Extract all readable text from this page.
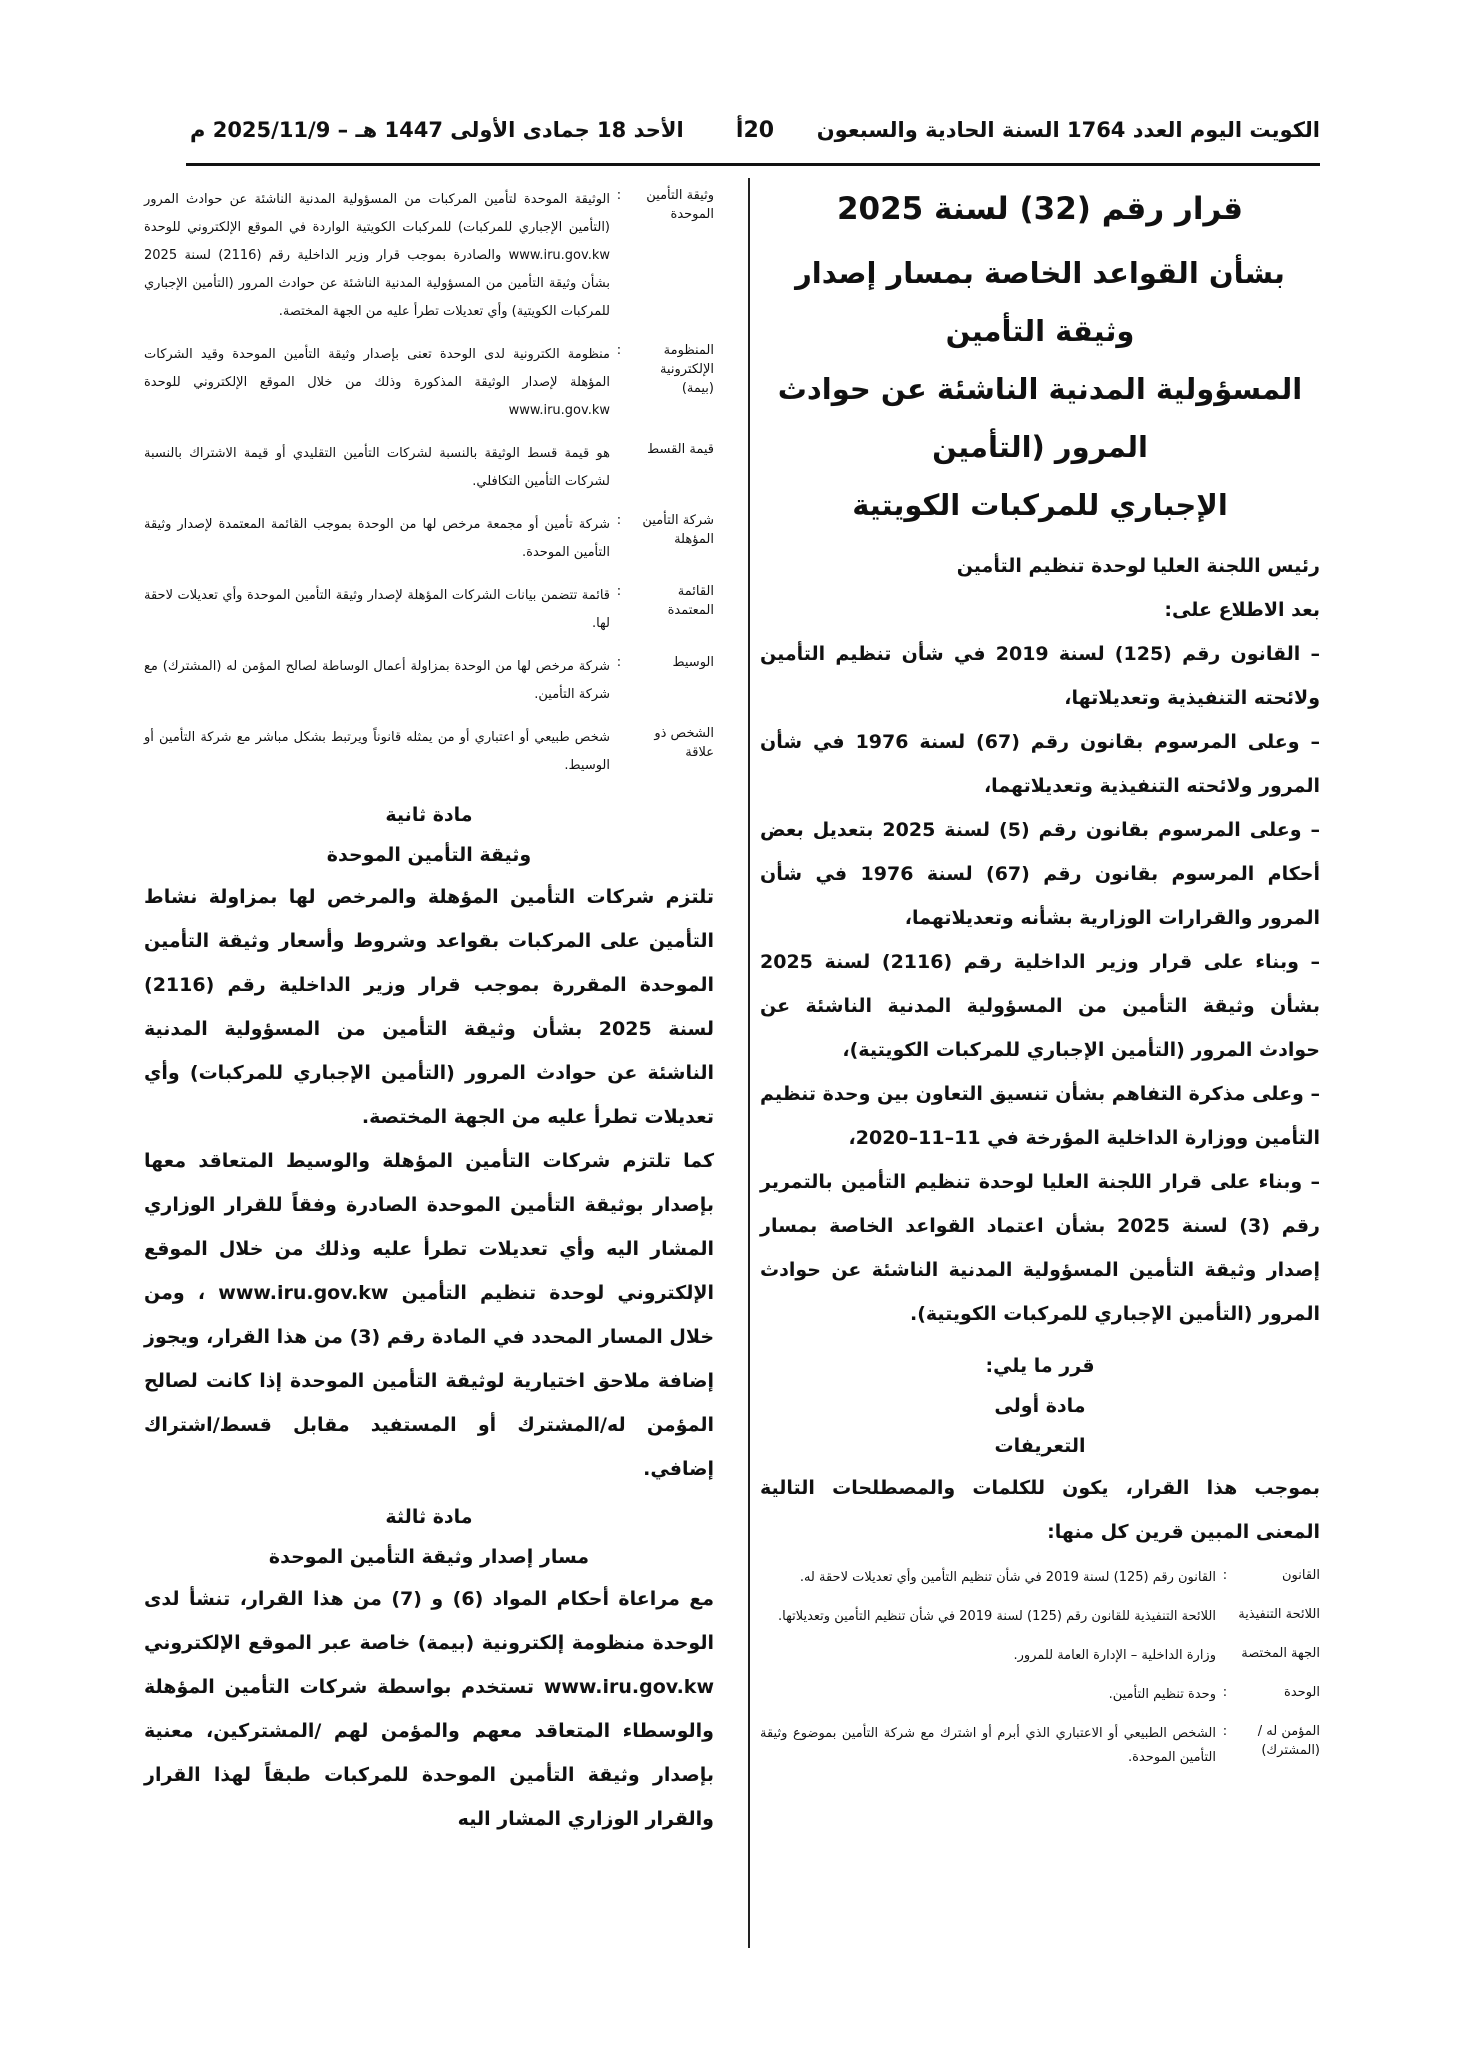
الكويت اليوم العدد 1764 السنة الحادية والسبعون
20أ
الأحد 18 جمادى الأولى 1447 هـ – 2025/11/9 م

قرار رقم (32) لسنة 2025

بشأن القواعد الخاصة بمسار إصدار وثيقة التأمين

المسؤولية المدنية الناشئة عن حوادث المرور (التأمين

الإجباري للمركبات الكويتية

رئيس اللجنة العليا لوحدة تنظيم التأمين

بعد الاطلاع على:

– القانون رقم (125) لسنة 2019 في شأن تنظيم التأمين ولائحته التنفيذية وتعديلاتها،

– وعلى المرسوم بقانون رقم (67) لسنة 1976 في شأن المرور ولائحته التنفيذية وتعديلاتهما،

– وعلى المرسوم بقانون رقم (5) لسنة 2025 بتعديل بعض أحكام المرسوم بقانون رقم (67) لسنة 1976 في شأن المرور والقرارات الوزارية بشأنه وتعديلاتهما،

– وبناء على قرار وزير الداخلية رقم (2116) لسنة 2025 بشأن وثيقة التأمين من المسؤولية المدنية الناشئة عن حوادث المرور (التأمين الإجباري للمركبات الكويتية)،

– وعلى مذكرة التفاهم بشأن تنسيق التعاون بين وحدة تنظيم التأمين ووزارة الداخلية المؤرخة في 11–11–2020،

– وبناء على قرار اللجنة العليا لوحدة تنظيم التأمين بالتمرير رقم (3) لسنة 2025 بشأن اعتماد القواعد الخاصة بمسار إصدار وثيقة التأمين المسؤولية المدنية الناشئة عن حوادث المرور (التأمين الإجباري للمركبات الكويتية).

قرر ما يلي:

مادة أولى

التعريفات

بموجب هذا القرار، يكون للكلمات والمصطلحات التالية المعنى المبين قرين كل منها:

القانون	:	القانون رقم (125) لسنة 2019 في شأن تنظيم التأمين وأي تعديلات لاحقة له.
اللائحة التنفيذية		اللائحة التنفيذية للقانون رقم (125) لسنة 2019 في شأن تنظيم التأمين وتعديلاتها.
الجهة المختصة		وزارة الداخلية – الإدارة العامة للمرور.
الوحدة	:	وحدة تنظيم التأمين.
المؤمن له / (المشترك)	:	الشخص الطبيعي أو الاعتباري الذي أبرم أو اشترك مع شركة التأمين بموضوع وثيقة التأمين الموحدة.
وثيقة التأمين الموحدة	:	الوثيقة الموحدة لتأمين المركبات من المسؤولية المدنية الناشئة عن حوادث المرور (التأمين الإجباري للمركبات) للمركبات الكويتية الواردة في الموقع الإلكتروني للوحدة www.iru.gov.kw والصادرة بموجب قرار وزير الداخلية رقم (2116) لسنة 2025 بشأن وثيقة التأمين من المسؤولية المدنية الناشئة عن حوادث المرور (التأمين الإجباري للمركبات الكويتية) وأي تعديلات تطرأ عليه من الجهة المختصة.
المنظومة الإلكترونية (بيمة)	:	منظومة الكترونية لدى الوحدة تعنى بإصدار وثيقة التأمين الموحدة وقيد الشركات المؤهلة لإصدار الوثيقة المذكورة وذلك من خلال الموقع الإلكتروني للوحدة www.iru.gov.kw
قيمة القسط		هو قيمة قسط الوثيقة بالنسبة لشركات التأمين التقليدي أو قيمة الاشتراك بالنسبة لشركات التأمين التكافلي.
شركة التأمين المؤهلة	:	شركة تأمين أو مجمعة مرخص لها من الوحدة بموجب القائمة المعتمدة لإصدار وثيقة التأمين الموحدة.
القائمة المعتمدة	:	قائمة تتضمن بيانات الشركات المؤهلة لإصدار وثيقة التأمين الموحدة وأي تعديلات لاحقة لها.
الوسيط	:	شركة مرخص لها من الوحدة بمزاولة أعمال الوساطة لصالح المؤمن له (المشترك) مع شركة التأمين.
الشخص ذو علاقة		شخص طبيعي أو اعتباري أو من يمثله قانوناً ويرتبط بشكل مباشر مع شركة التأمين أو الوسيط.

مادة ثانية

وثيقة التأمين الموحدة

تلتزم شركات التأمين المؤهلة والمرخص لها بمزاولة نشاط التأمين على المركبات بقواعد وشروط وأسعار وثيقة التأمين الموحدة المقررة بموجب قرار وزير الداخلية رقم (2116) لسنة 2025 بشأن وثيقة التأمين من المسؤولية المدنية الناشئة عن حوادث المرور (التأمين الإجباري للمركبات) وأي تعديلات تطرأ عليه من الجهة المختصة.

كما تلتزم شركات التأمين المؤهلة والوسيط المتعاقد معها بإصدار بوثيقة التأمين الموحدة الصادرة وفقاً للقرار الوزاري المشار اليه وأي تعديلات تطرأ عليه وذلك من خلال الموقع الإلكتروني لوحدة تنظيم التأمين www.iru.gov.kw ، ومن خلال المسار المحدد في المادة رقم (3) من هذا القرار، ويجوز إضافة ملاحق اختيارية لوثيقة التأمين الموحدة إذا كانت لصالح المؤمن له/المشترك أو المستفيد مقابل قسط/اشتراك إضافي.

مادة ثالثة

مسار إصدار وثيقة التأمين الموحدة

مع مراعاة أحكام المواد (6) و (7) من هذا القرار، تنشأ لدى الوحدة منظومة إلكترونية (بيمة) خاصة عبر الموقع الإلكتروني www.iru.gov.kw تستخدم بواسطة شركات التأمين المؤهلة والوسطاء المتعاقد معهم والمؤمن لهم /المشتركين، معنية بإصدار وثيقة التأمين الموحدة للمركبات طبقاً لهذا القرار والقرار الوزاري المشار اليه
